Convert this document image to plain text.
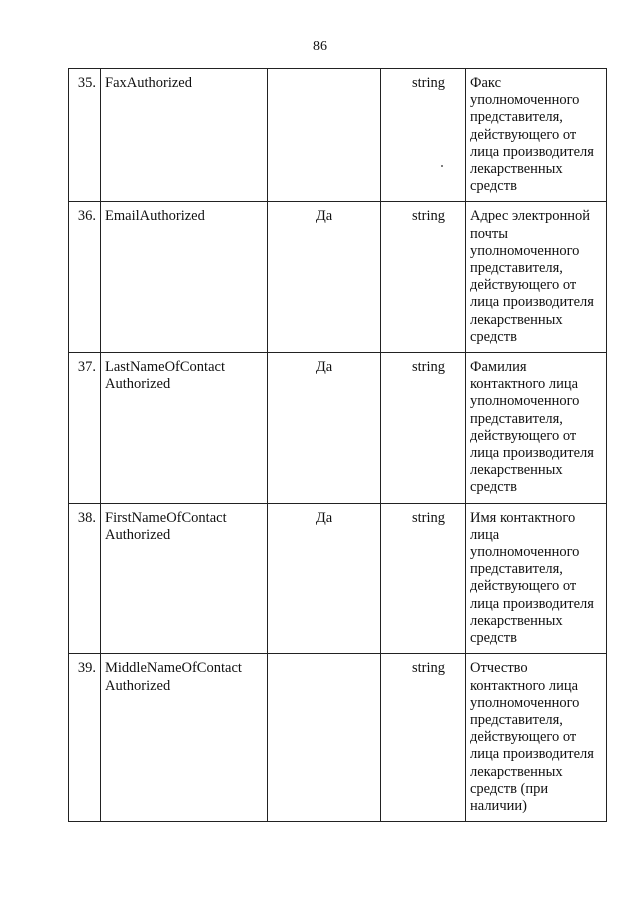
86
35.	FaxAuthorized		string	Факс уполномоченного представителя, действующего от лица производителя лекарственных средств
36.	EmailAuthorized	Да	string	Адрес электронной почты уполномоченного представителя, действующего от лица производителя лекарственных средств
37.	LastNameOfContact Authorized	Да	string	Фамилия контактного лица уполномоченного представителя, действующего от лица производителя лекарственных средств
38.	FirstNameOfContact Authorized	Да	string	Имя контактного лица уполномоченного представителя, действующего от лица производителя лекарственных средств
39.	MiddleNameOfContact Authorized		string	Отчество контактного лица уполномоченного представителя, действующего от лица производителя лекарственных средств (при наличии)
